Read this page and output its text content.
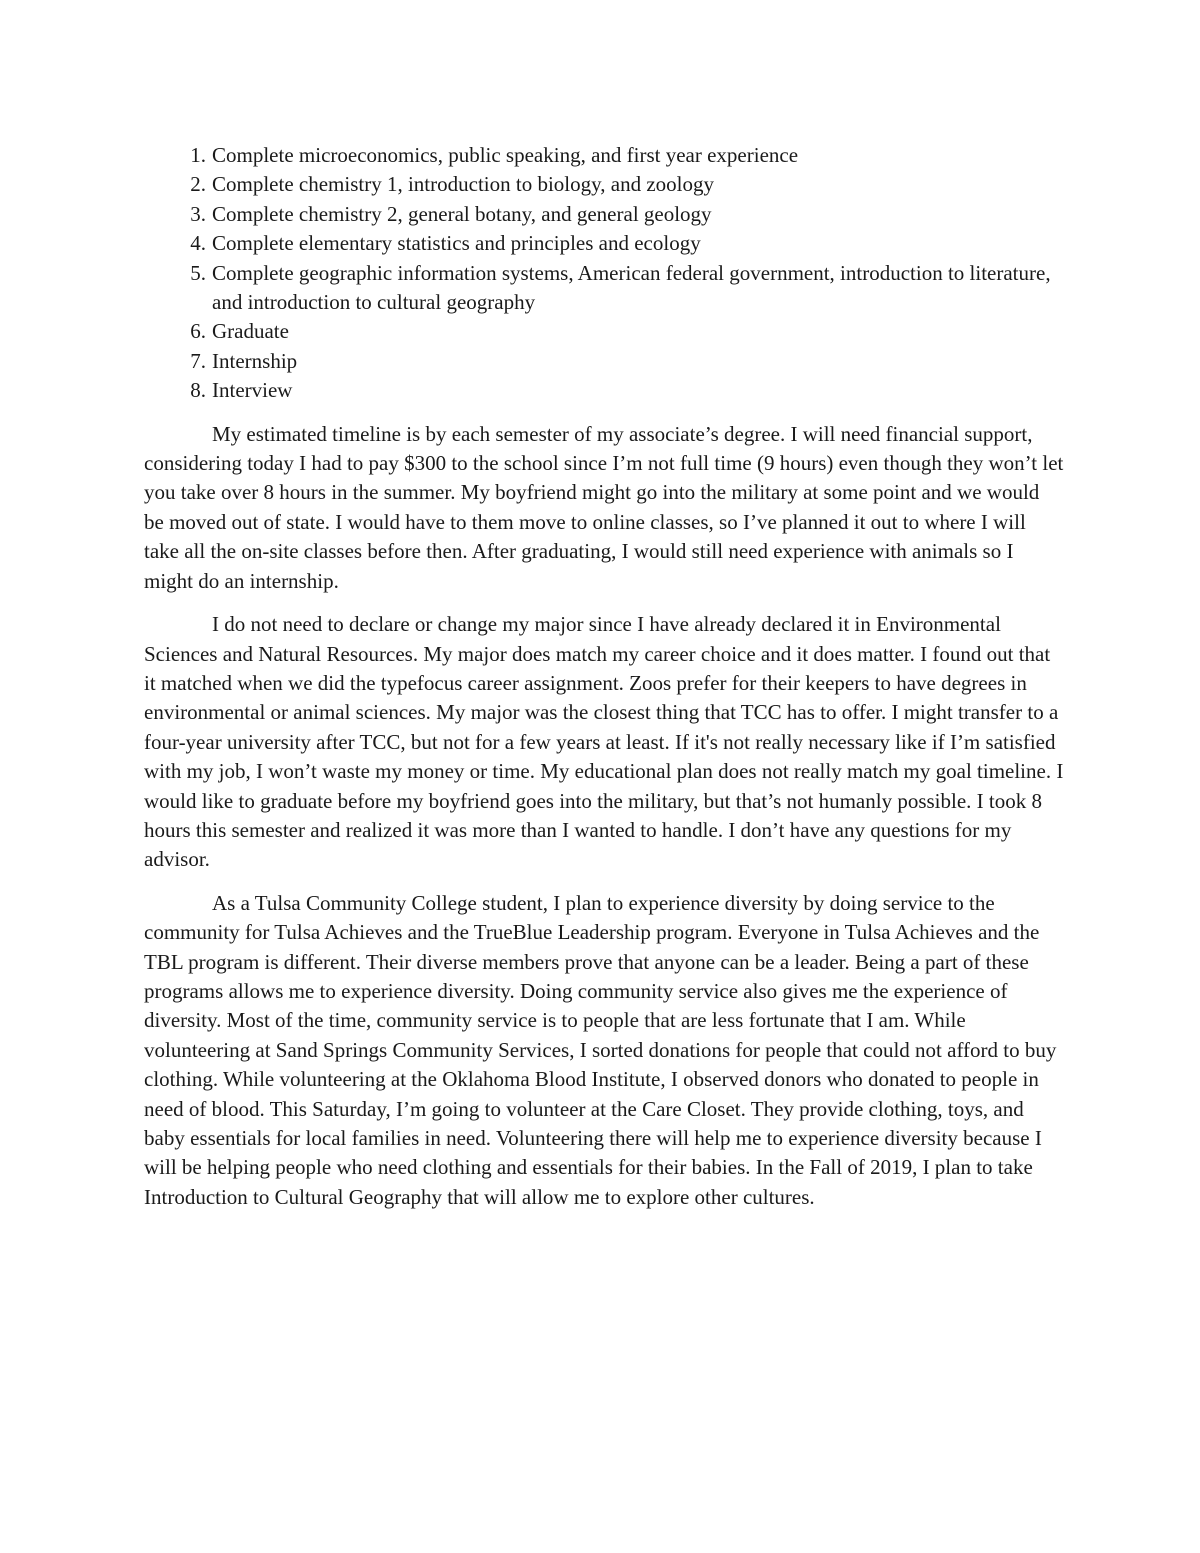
1. Complete microeconomics, public speaking, and first year experience
2. Complete chemistry 1, introduction to biology, and zoology
3. Complete chemistry 2, general botany, and general geology
4. Complete elementary statistics and principles and ecology
5. Complete geographic information systems, American federal government, introduction to literature, and introduction to cultural geography
6. Graduate
7. Internship
8. Interview

My estimated timeline is by each semester of my associate’s degree. I will need financial support, considering today I had to pay $300 to the school since I’m not full time (9 hours) even though they won’t let you take over 8 hours in the summer. My boyfriend might go into the military at some point and we would be moved out of state. I would have to them move to online classes, so I’ve planned it out to where I will take all the on-site classes before then. After graduating, I would still need experience with animals so I might do an internship.

I do not need to declare or change my major since I have already declared it in Environmental Sciences and Natural Resources. My major does match my career choice and it does matter. I found out that it matched when we did the typefocus career assignment. Zoos prefer for their keepers to have degrees in environmental or animal sciences. My major was the closest thing that TCC has to offer. I might transfer to a four-year university after TCC, but not for a few years at least. If it's not really necessary like if I’m satisfied with my job, I won’t waste my money or time. My educational plan does not really match my goal timeline. I would like to graduate before my boyfriend goes into the military, but that’s not humanly possible. I took 8 hours this semester and realized it was more than I wanted to handle. I don’t have any questions for my advisor.

As a Tulsa Community College student, I plan to experience diversity by doing service to the community for Tulsa Achieves and the TrueBlue Leadership program. Everyone in Tulsa Achieves and the TBL program is different. Their diverse members prove that anyone can be a leader. Being a part of these programs allows me to experience diversity. Doing community service also gives me the experience of diversity. Most of the time, community service is to people that are less fortunate that I am. While volunteering at Sand Springs Community Services, I sorted donations for people that could not afford to buy clothing. While volunteering at the Oklahoma Blood Institute, I observed donors who donated to people in need of blood. This Saturday, I’m going to volunteer at the Care Closet. They provide clothing, toys, and baby essentials for local families in need. Volunteering there will help me to experience diversity because I will be helping people who need clothing and essentials for their babies. In the Fall of 2019, I plan to take Introduction to Cultural Geography that will allow me to explore other cultures.
